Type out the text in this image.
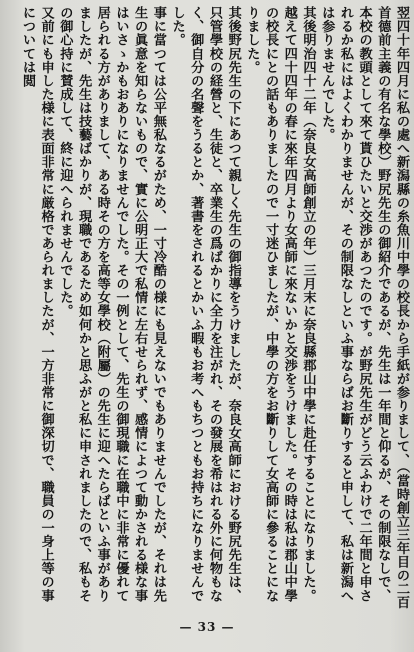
翌四十年四月に私の處へ新潟縣の糸魚川中學の校長から手紙が参りまして、（當時創立三年目の二百首德前主義の有名な學校）野尻先生の御紹介であるが、先生は一年間と仰るが、その制限なしで、本校の教頭として來て貰ひたいと交渉があつたのです。が野尻先生がどう云ふわけで二年間と申されるか私にはよくわかりませんが、その制限なしといふ事ならばお斷りすると申して、私は新潟へは参りませんでした。

其後明治四十二年（奈良女高師創立の年）三月末に奈良縣郡山中學に赴任することになりました。越えて四十四年の春に來年四月より女高師に來ないかと交渉をうけました。その時は私は郡山中學の校長にとの話もありましたので一寸迷ひましたが、中學の方をお斷りして女高師に參ることになりました。

其後野尻先生の下にあつて親しく先生の御指導をうけましたが、奈良女高師における野尻先生は、只管學校の経營と、生徒と、卒業生の爲ばかりに全力を注がれ、その發展を希はれる外に何物もなく、御自分の名聲をうるとか、著書をされるとかいふ暇もお考へもちつともお持ちになりませんでした。

事に當つては公平無私なるがため、一寸冷酷の様にも見えないでもありませんでしたが、それは先生の眞意を知らないもので、實に公明正大で私情に左右せられず、感情によつて動かされる様な事はいさゝかもおありになりませんでした。その一例として、先生の御現職に在職中に非常に優れて居られる方がありまして、ある時その方を高等女學校（附屬）の先生に迎へたらばといふ事がありましたが、先生は技藝ばかりが、現職であるため如何かと思ふがと私に申されましたので、私もその御心持に賛成して、終に迎へられませんでした。

又前にも申した様に表面非常に厳格であられましたが、一方非常に御深切で、職員の一身上等の事については閲

— 33 —
